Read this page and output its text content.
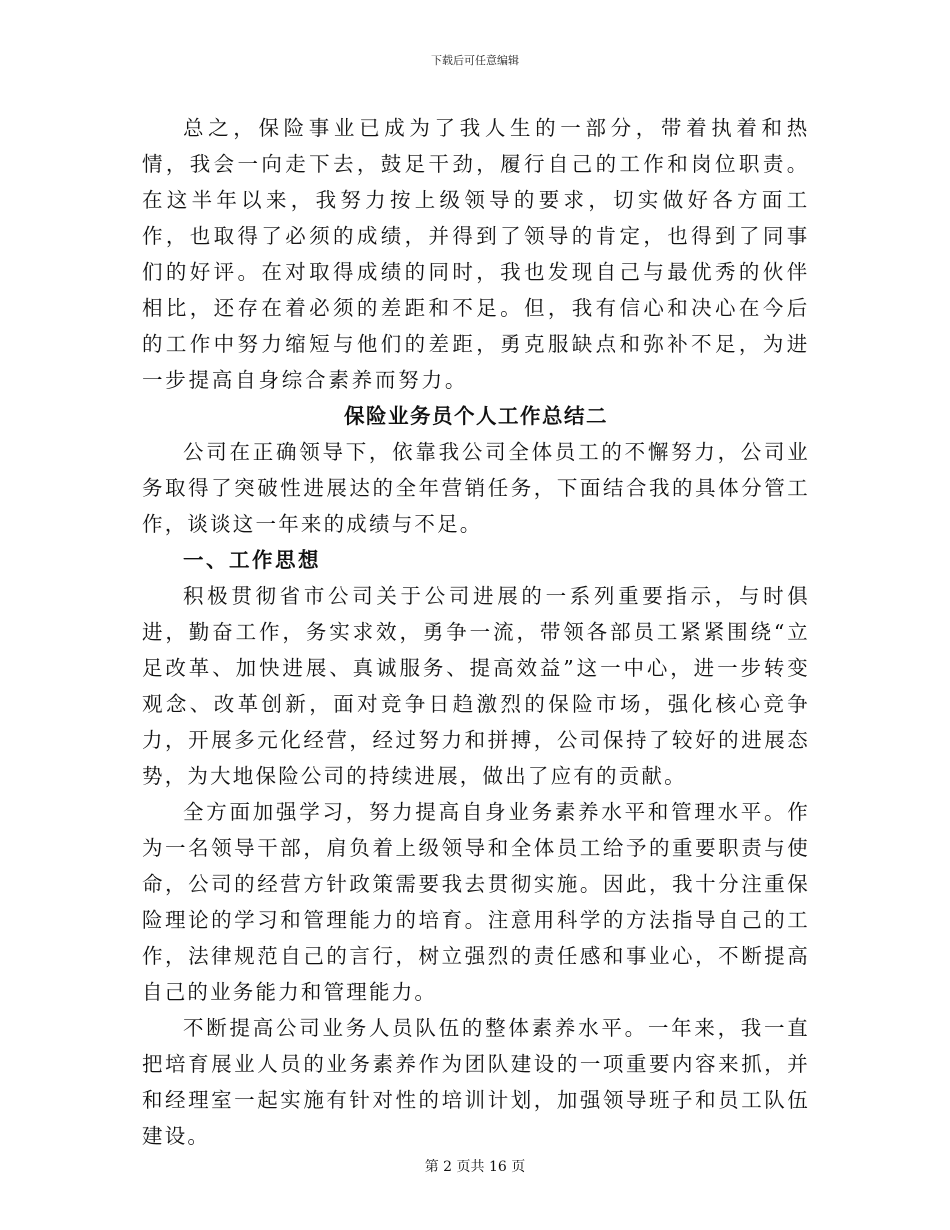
下载后可任意编辑

总之，保险事业已成为了我人生的一部分，带着执着和热情，我会一向走下去，鼓足干劲，履行自己的工作和岗位职责。在这半年以来，我努力按上级领导的要求，切实做好各方面工作，也取得了必须的成绩，并得到了领导的肯定，也得到了同事们的好评。在对取得成绩的同时，我也发现自己与最优秀的伙伴相比，还存在着必须的差距和不足。但，我有信心和决心在今后的工作中努力缩短与他们的差距，勇克服缺点和弥补不足，为进一步提高自身综合素养而努力。

保险业务员个人工作总结二

公司在正确领导下，依靠我公司全体员工的不懈努力，公司业务取得了突破性进展达的全年营销任务，下面结合我的具体分管工作，谈谈这一年来的成绩与不足。

一、工作思想

积极贯彻省市公司关于公司进展的一系列重要指示，与时俱进，勤奋工作，务实求效，勇争一流，带领各部员工紧紧围绕“立足改革、加快进展、真诚服务、提高效益”这一中心，进一步转变观念、改革创新，面对竞争日趋激烈的保险市场，强化核心竞争力，开展多元化经营，经过努力和拼搏，公司保持了较好的进展态势，为大地保险公司的持续进展，做出了应有的贡献。

全方面加强学习，努力提高自身业务素养水平和管理水平。作为一名领导干部，肩负着上级领导和全体员工给予的重要职责与使命，公司的经营方针政策需要我去贯彻实施。因此，我十分注重保险理论的学习和管理能力的培育。注意用科学的方法指导自己的工作，法律规范自己的言行，树立强烈的责任感和事业心，不断提高自己的业务能力和管理能力。

不断提高公司业务人员队伍的整体素养水平。一年来，我一直把培育展业人员的业务素养作为团队建设的一项重要内容来抓，并和经理室一起实施有针对性的培训计划，加强领导班子和员工队伍建设。

第 2 页共 16 页
